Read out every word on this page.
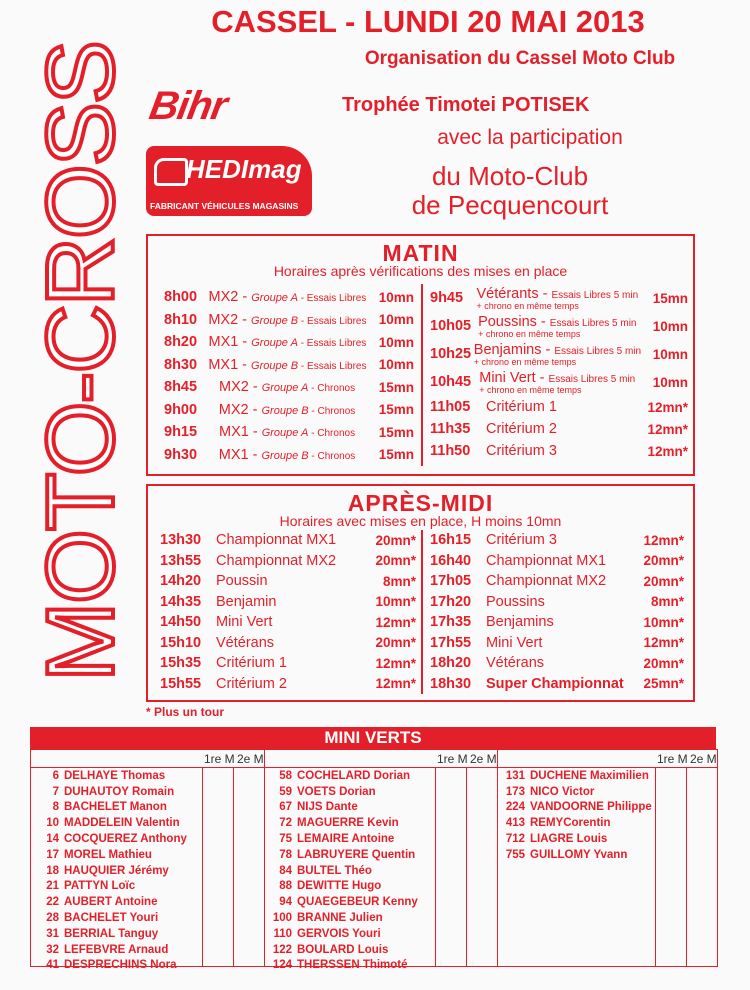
MOTO-CROSS
CASSEL - LUNDI 20 MAI 2013
Organisation du Cassel Moto Club
Bihr	Trophée Timotei POTISEK
HEDImag
FABRICANT VÉHICULES MAGASINS
avec la participation
du Moto-Club
de Pecquencourt
MATIN
Horaires après vérifications des mises en place
8h00 MX2 - Groupe A - Essais Libres 10mn
8h10 MX2 - Groupe B - Essais Libres 10mn
8h20 MX1 - Groupe A - Essais Libres 10mn
8h30 MX1 - Groupe B - Essais Libres 10mn
8h45	MX2 - Groupe A - Chronos	15mn
9h00	MX2 - Groupe B - Chronos	15mn
9h15	MX1 - Groupe A - Chronos	15mn
9h30	MX1 - Groupe B - Chronos	15mn
9h45 Vétérants - Essais Libres 5 min
+ chrono en même temps	15mn
10h05 Poussins - Essais Libres 5 min
+ chrono en même temps	10mn
10h25 Benjamins - Essais Libres 5 min
+ chrono en même temps	10mn
10h45 Mini Vert - Essais Libres 5 min
+ chrono en même temps	10mn
11h05	Critérium 1	12mn*
11h35	Critérium 2	12mn*
11h50	Critérium 3	12mn*
APRÈS-MIDI
Horaires avec mises en place, H moins 10mn
13h30	Championnat MX1	20mn*
13h55	Championnat MX2	20mn*
14h20	Poussin	8mn*
14h35	Benjamin	10mn*
14h50	Mini Vert	12mn*
15h10	Vétérans	20mn*
15h35	Critérium 1	12mn*
15h55	Critérium 2	12mn*
16h15	Critérium 3	12mn*
16h40	Championnat MX1	20mn*
17h05	Championnat MX2	20mn*
17h20	Poussins	8mn*
17h35	Benjamins	10mn*
17h55	Mini Vert	12mn*
18h20	Vétérans	20mn*
18h30	Super Championnat	25mn*
* Plus un tour
MINI VERTS
1re M 2e M
6 DELHAYE Thomas
7 DUHAUTOY Romain
8 BACHELET Manon
10 MADDELEIN Valentin
14 COCQUEREZ Anthony
17 MOREL Mathieu
18 HAUQUIER Jérémy
21 PATTYN Loïc
22 AUBERT Antoine
28 BACHELET Youri
31 BERRIAL Tanguy
32 LEFEBVRE Arnaud
41 DESPRECHINS Nora
1re M 2e M
58 COCHELARD Dorian
59 VOETS Dorian
67 NIJS Dante
72 MAGUERRE Kevin
75 LEMAIRE Antoine
78 LABRUYERE Quentin
84 BULTEL Théo
88 DEWITTE Hugo
94 QUAEGEBEUR Kenny
100 BRANNE Julien
110 GERVOIS Youri
122 BOULARD Louis
124 THERSSEN Thimoté
1re M 2e M
131 DUCHENE Maximilien
173 NICO Victor
224 VANDOORNE Philippe
413 REMYCorentin
712 LIAGRE Louis
755 GUILLOMY Yvann
